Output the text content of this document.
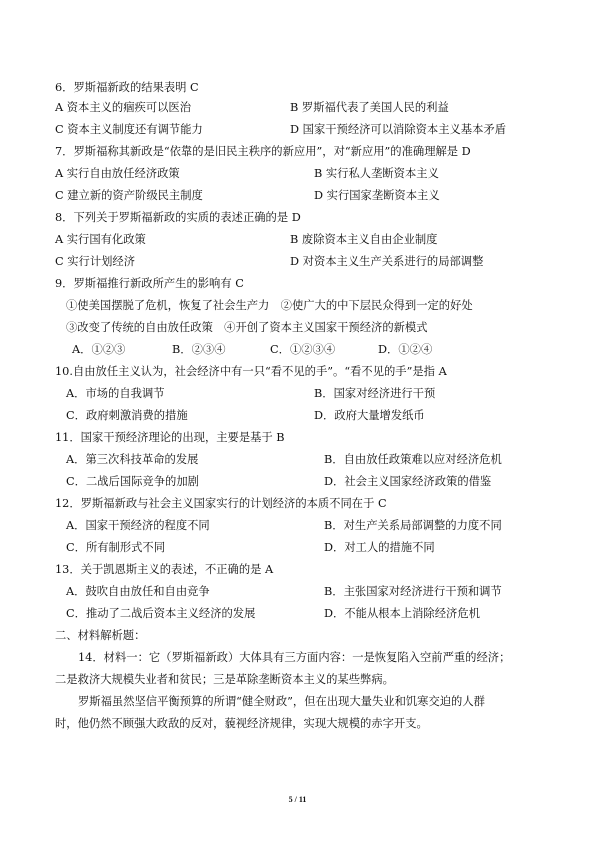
6．罗斯福新政的结果表明 C
A 资本主义的痼疾可以医治	B 罗斯福代表了美国人民的利益
C 资本主义制度还有调节能力	D 国家干预经济可以消除资本主义基本矛盾
7．罗斯福称其新政是“依靠的是旧民主秩序的新应用”，对“新应用”的准确理解是 D
A 实行自由放任经济政策	B 实行私人垄断资本主义
C 建立新的资产阶级民主制度	D 实行国家垄断资本主义
8．下列关于罗斯福新政的实质的表述正确的是 D
A 实行国有化政策	B 废除资本主义自由企业制度
C 实行计划经济	D 对资本主义生产关系进行的局部调整
9．罗斯福推行新政所产生的影响有 C
①使美国摆脱了危机，恢复了社会生产力　②使广大的中下层民众得到一定的好处
③改变了传统的自由放任政策　④开创了资本主义国家干预经济的新模式
A．①②③	B．②③④	C．①②③④	D．①②④
10.自由放任主义认为，社会经济中有一只“看不见的手”。“看不见的手”是指 A
A．市场的自我调节	B．国家对经济进行干预
C．政府刺激消费的措施	D．政府大量增发纸币
11．国家干预经济理论的出现，主要是基于 B
A．第三次科技革命的发展	B．自由放任政策难以应对经济危机
C．二战后国际竞争的加剧	D．社会主义国家经济政策的借鉴
12．罗斯福新政与社会主义国家实行的计划经济的本质不同在于 C
A．国家干预经济的程度不同	B．对生产关系局部调整的力度不同
C．所有制形式不同	D．对工人的措施不同
13．关于凯恩斯主义的表述，不正确的是 A
A．鼓吹自由放任和自由竞争	B．主张国家对经济进行干预和调节
C．推动了二战后资本主义经济的发展	D．不能从根本上消除经济危机
二、材料解析题：
14．材料一：它（罗斯福新政）大体具有三方面内容：一是恢复陷入空前严重的经济；
二是救济大规模失业者和贫民；三是革除垄断资本主义的某些弊病。
罗斯福虽然坚信平衡预算的所谓“健全财政”，但在出现大量失业和饥寒交迫的人群
时，他仍然不顾强大政敌的反对，藐视经济规律，实现大规模的赤字开支。
5 / 11
